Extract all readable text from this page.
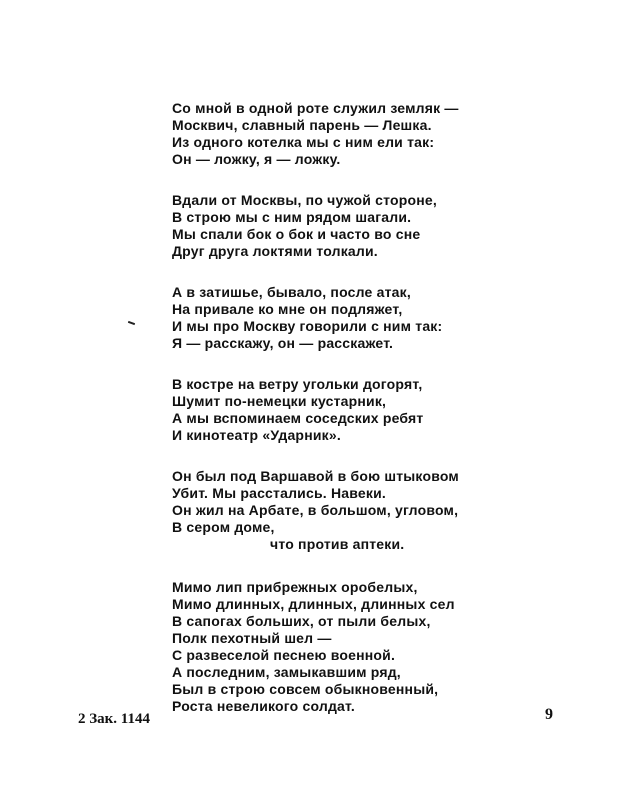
Со мной в одной роте служил земляк —
Москвич, славный парень — Лешка.
Из одного котелка мы с ним ели так:
Он — ложку, я — ложку.
Вдали от Москвы, по чужой стороне,
В строю мы с ним рядом шагали.
Мы спали бок о бок и часто во сне
Друг друга локтями толкали.
А в затишье, бывало, после атак,
На привале ко мне он подляжет,
И мы про Москву говорили с ним так:
Я — расскажу, он — расскажет.
В костре на ветру угольки догорят,
Шумит по-немецки кустарник,
А мы вспоминаем соседских ребят
И кинотеатр «Ударник».
Он был под Варшавой в бою штыковом
Убит. Мы расстались. Навеки.
Он жил на Арбате, в большом, угловом,
В сером доме,
что против аптеки.
Мимо лип прибрежных оробелых,
Мимо длинных, длинных, длинных сел
В сапогах больших, от пыли белых,
Полк пехотный шел —
С развеселой песнею военной.
А последним, замыкавшим ряд,
Был в строю совсем обыкновенный,
Роста невеликого солдат.
2 Зак. 1144	9
